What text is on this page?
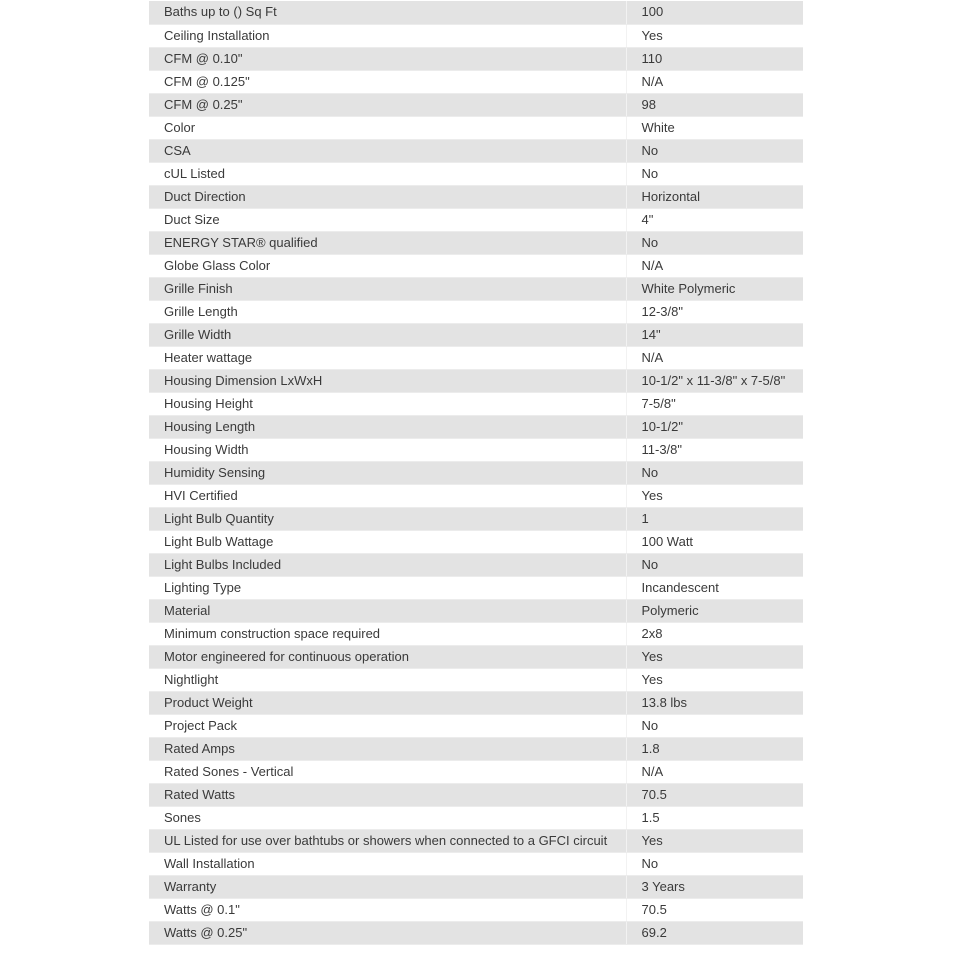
Baths up to () Sq Ft	100
Ceiling Installation	Yes
CFM @ 0.10"	110
CFM @ 0.125"	N/A
CFM @ 0.25"	98
Color	White
CSA	No
cUL Listed	No
Duct Direction	Horizontal
Duct Size	4"
ENERGY STAR® qualified	No
Globe Glass Color	N/A
Grille Finish	White Polymeric
Grille Length	12-3/8"
Grille Width	14"
Heater wattage	N/A
Housing Dimension LxWxH	10-1/2" x 11-3/8" x 7-5/8"
Housing Height	7-5/8"
Housing Length	10-1/2"
Housing Width	11-3/8"
Humidity Sensing	No
HVI Certified	Yes
Light Bulb Quantity	1
Light Bulb Wattage	100 Watt
Light Bulbs Included	No
Lighting Type	Incandescent
Material	Polymeric
Minimum construction space required	2x8
Motor engineered for continuous operation	Yes
Nightlight	Yes
Product Weight	13.8 lbs
Project Pack	No
Rated Amps	1.8
Rated Sones - Vertical	N/A
Rated Watts	70.5
Sones	1.5
UL Listed for use over bathtubs or showers when connected to a GFCI circuit	Yes
Wall Installation	No
Warranty	3 Years
Watts @ 0.1"	70.5
Watts @ 0.25"	69.2
